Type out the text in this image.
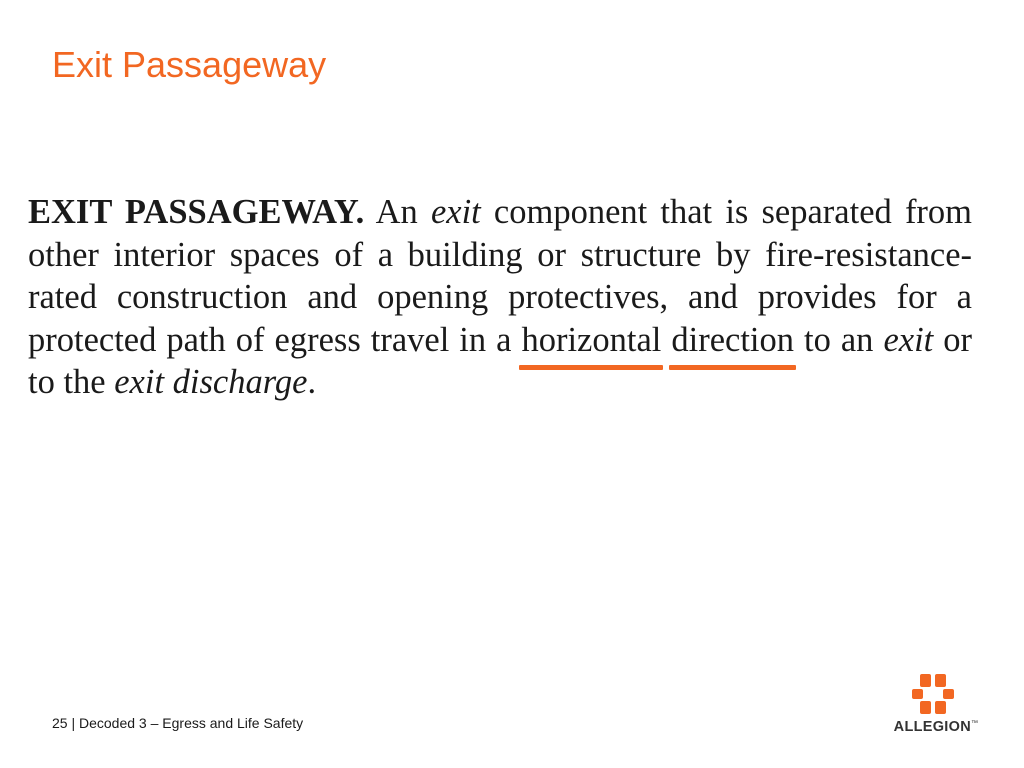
Exit Passageway

EXIT PASSAGEWAY. An exit component that is separated from other interior spaces of a building or structure by fire-resistance-rated construction and opening protectives, and provides for a protected path of egress travel in a horizontal direction to an exit or to the exit discharge.

25 | Decoded 3 – Egress and Life Safety	ALLEGION™
